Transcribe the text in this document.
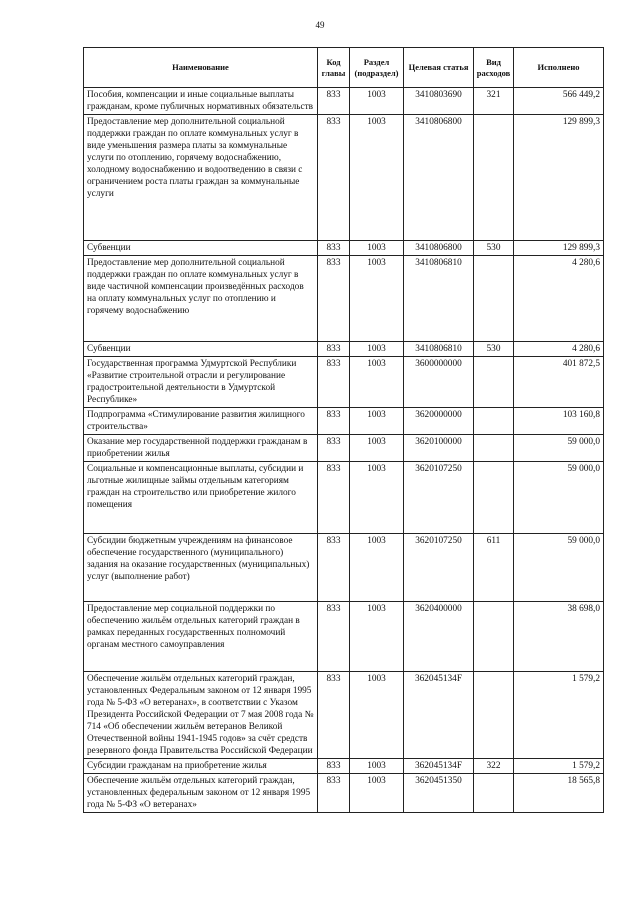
49
Наименование	Код главы	Раздел (подраздел)	Целевая статья	Вид расходов	Исполнено
Пособия, компенсации и иные социальные выплаты гражданам, кроме публичных нормативных обязательств	833	1003	3410803690	321	566 449,2
Предоставление мер дополнительной социальной поддержки граждан по оплате коммунальных услуг в виде уменьшения размера платы за коммунальные услуги по отоплению, горячему водоснабжению, холодному водоснабжению и водоотведению в связи с ограничением роста платы граждан за коммунальные услуги	833	1003	3410806800		129 899,3
Субвенции	833	1003	3410806800	530	129 899,3
Предоставление мер дополнительной социальной поддержки граждан по оплате коммунальных услуг в виде частичной компенсации произведённых расходов на оплату коммунальных услуг по отоплению и горячему водоснабжению	833	1003	3410806810		4 280,6
Субвенции	833	1003	3410806810	530	4 280,6
Государственная программа Удмуртской Республики «Развитие строительной отрасли и регулирование градостроительной деятельности в Удмуртской Республике»	833	1003	3600000000		401 872,5
Подпрограмма «Стимулирование развития жилищного строительства»	833	1003	3620000000		103 160,8
Оказание мер государственной поддержки гражданам в приобретении жилья	833	1003	3620100000		59 000,0
Социальные и компенсационные выплаты, субсидии и льготные жилищные займы отдельным категориям граждан на строительство или приобретение жилого помещения	833	1003	3620107250		59 000,0
Субсидии бюджетным учреждениям на финансовое обеспечение государственного (муниципального) задания на оказание государственных (муниципальных) услуг (выполнение работ)	833	1003	3620107250	611	59 000,0
Предоставление мер социальной поддержки по обеспечению жильём отдельных категорий граждан в рамках переданных государственных полномочий органам местного самоуправления	833	1003	3620400000		38 698,0
Обеспечение жильём отдельных категорий граждан, установленных Федеральным законом от 12 января 1995 года № 5-ФЗ «О ветеранах», в соответствии с Указом Президента Российской Федерации от 7 мая 2008 года № 714 «Об обеспечении жильём ветеранов Великой Отечественной войны 1941-1945 годов» за счёт средств резервного фонда Правительства Российской Федерации	833	1003	362045134F		1 579,2
Субсидии гражданам на приобретение жилья	833	1003	362045134F	322	1 579,2
Обеспечение жильём отдельных категорий граждан, установленных федеральным законом от 12 января 1995 года № 5-ФЗ «О ветеранах»	833	1003	3620451350		18 565,8
